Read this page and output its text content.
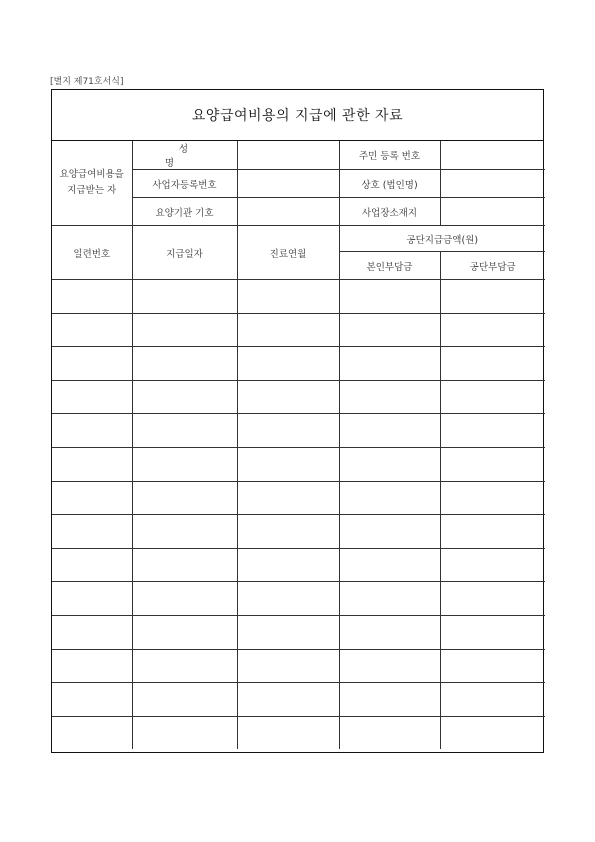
[별지 제71호서식]
요양급여비용의 지급에 관한 자료
요양급여비용을
지급받는 자	성 명		주민 등록 번호	
	사업자등록번호		상호 (법인명)	
	요양기관 기호		사업장소재지	
일련번호	지급일자	진료연월	공단지급금액(원)	
			본인부담금	공단부담금
